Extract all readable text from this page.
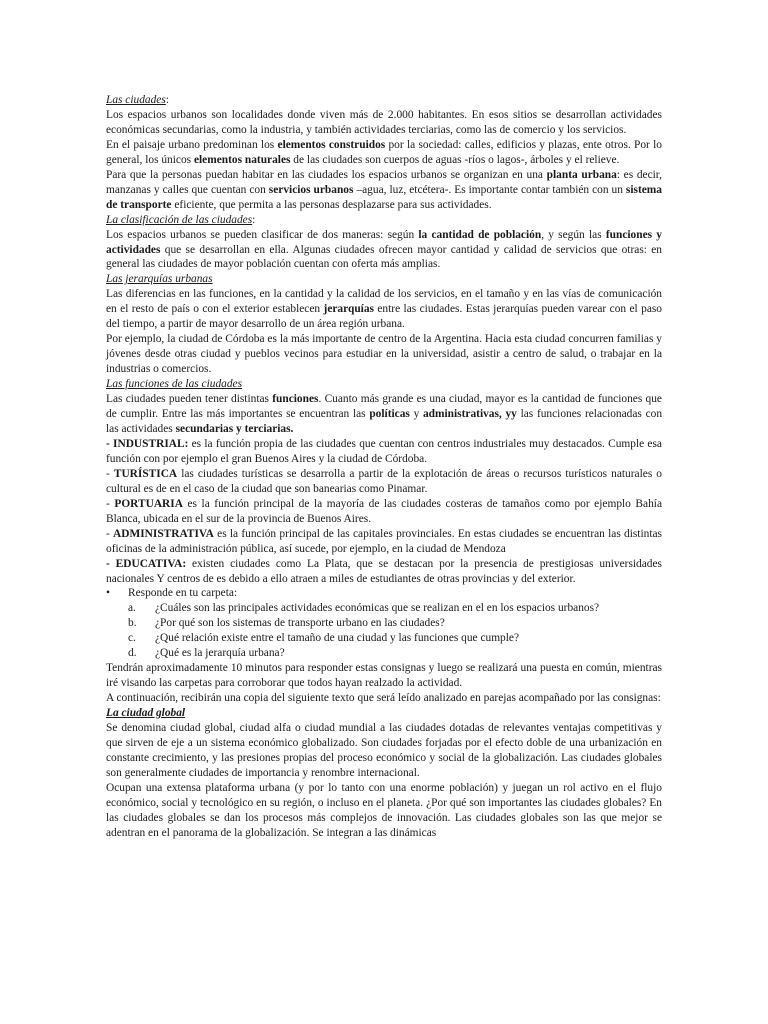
Las ciudades:

Los espacios urbanos son localidades donde viven más de 2.000 habitantes. En esos sitios se desarrollan actividades económicas secundarias, como la industria, y también actividades terciarias, como las de comercio y los servicios.

En el paisaje urbano predominan los elementos construidos por la sociedad: calles, edificios y plazas, ente otros. Por lo general, los únicos elementos naturales de las ciudades son cuerpos de aguas -ríos o lagos-, árboles y el relieve.

Para que la personas puedan habitar en las ciudades los espacios urbanos se organizan en una planta urbana: es decir, manzanas y calles que cuentan con servicios urbanos –agua, luz, etcétera-. Es importante contar también con un sistema de transporte eficiente, que permita a las personas desplazarse para sus actividades.

La clasificación de las ciudades:

Los espacios urbanos se pueden clasificar de dos maneras: según la cantidad de población, y según las funciones y actividades que se desarrollan en ella. Algunas ciudades ofrecen mayor cantidad y calidad de servicios que otras: en general las ciudades de mayor población cuentan con oferta más amplias.

Las jerarquías urbanas

Las diferencias en las funciones, en la cantidad y la calidad de los servicios, en el tamaño y en las vías de comunicación en el resto de país o con el exterior establecen jerarquías entre las ciudades. Estas jerarquías pueden varear con el paso del tiempo, a partir de mayor desarrollo de un área región urbana.

Por ejemplo, la ciudad de Córdoba es la más importante de centro de la Argentina. Hacia esta ciudad concurren familias y jóvenes desde otras ciudad y pueblos vecinos para estudiar en la universidad, asistir a centro de salud, o trabajar en la industrias o comercios.

Las funciones de las ciudades

Las ciudades pueden tener distintas funciones. Cuanto más grande es una ciudad, mayor es la cantidad de funciones que de cumplir. Entre las más importantes se encuentran las políticas y administrativas, yy las funciones relacionadas con las actividades secundarias y terciarias.

- INDUSTRIAL: es la función propia de las ciudades que cuentan con centros industriales muy destacados. Cumple esa función con por ejemplo el gran Buenos Aires y la ciudad de Córdoba.

- TURÍSTICA las ciudades turísticas se desarrolla a partir de la explotación de áreas o recursos turísticos naturales o cultural es de en el caso de la ciudad que son banearias como Pinamar.

- PORTUARIA es la función principal de la mayoría de las ciudades costeras de tamaños como por ejemplo Bahía Blanca, ubicada en el sur de la provincia de Buenos Aires.

- ADMINISTRATIVA es la función principal de las capitales provinciales. En estas ciudades se encuentran las distintas oficinas de la administración pública, así sucede, por ejemplo, en la ciudad de Mendoza

- EDUCATIVA: existen ciudades como La Plata, que se destacan por la presencia de prestigiosas universidades nacionales Y centros de es debido a ello atraen a miles de estudiantes de otras provincias y del exterior.

• Responde en tu carpeta:
a. ¿Cuáles son las principales actividades económicas que se realizan en el en los espacios urbanos?
b. ¿Por qué son los sistemas de transporte urbano en las ciudades?
c. ¿Qué relación existe entre el tamaño de una ciudad y las funciones que cumple?
d. ¿Qué es la jerarquía urbana?

Tendrán aproximadamente 10 minutos para responder estas consignas y luego se realizará una puesta en común, mientras iré visando las carpetas para corroborar que todos hayan realzado la actividad.

A continuación, recibirán una copia del siguiente texto que será leído analizado en parejas acompañado por las consignas:

La ciudad global

Se denomina ciudad global, ciudad alfa o ciudad mundial a las ciudades dotadas de relevantes ventajas competitivas y que sirven de eje a un sistema económico globalizado. Son ciudades forjadas por el efecto doble de una urbanización en constante crecimiento, y las presiones propias del proceso económico y social de la globalización. Las ciudades globales son generalmente ciudades de importancia y renombre internacional.

Ocupan una extensa plataforma urbana (y por lo tanto con una enorme población) y juegan un rol activo en el flujo económico, social y tecnológico en su región, o incluso en el planeta. ¿Por qué son importantes las ciudades globales? En las ciudades globales se dan los procesos más complejos de innovación. Las ciudades globales son las que mejor se adentran en el panorama de la globalización. Se integran a las dinámicas
